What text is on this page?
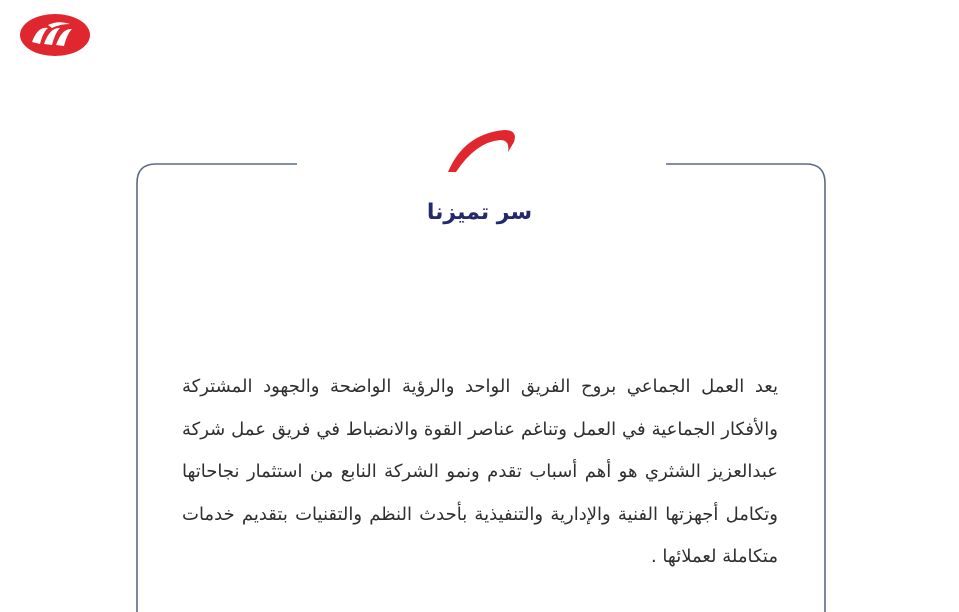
سر تميزنا
يعد العمل الجماعي بروح الفريق الواحد والرؤية الواضحة والجهود المشتركة والأفكار الجماعية في العمل وتناغم عناصر القوة والانضباط في فريق عمل شركة عبدالعزيز الشثري هو أهم أسباب تقدم ونمو الشركة النابع من استثمار نجاحاتها وتكامل أجهزتها الفنية والإدارية والتنفيذية بأحدث النظم والتقنيات بتقديم خدمات متكاملة لعملائها .
